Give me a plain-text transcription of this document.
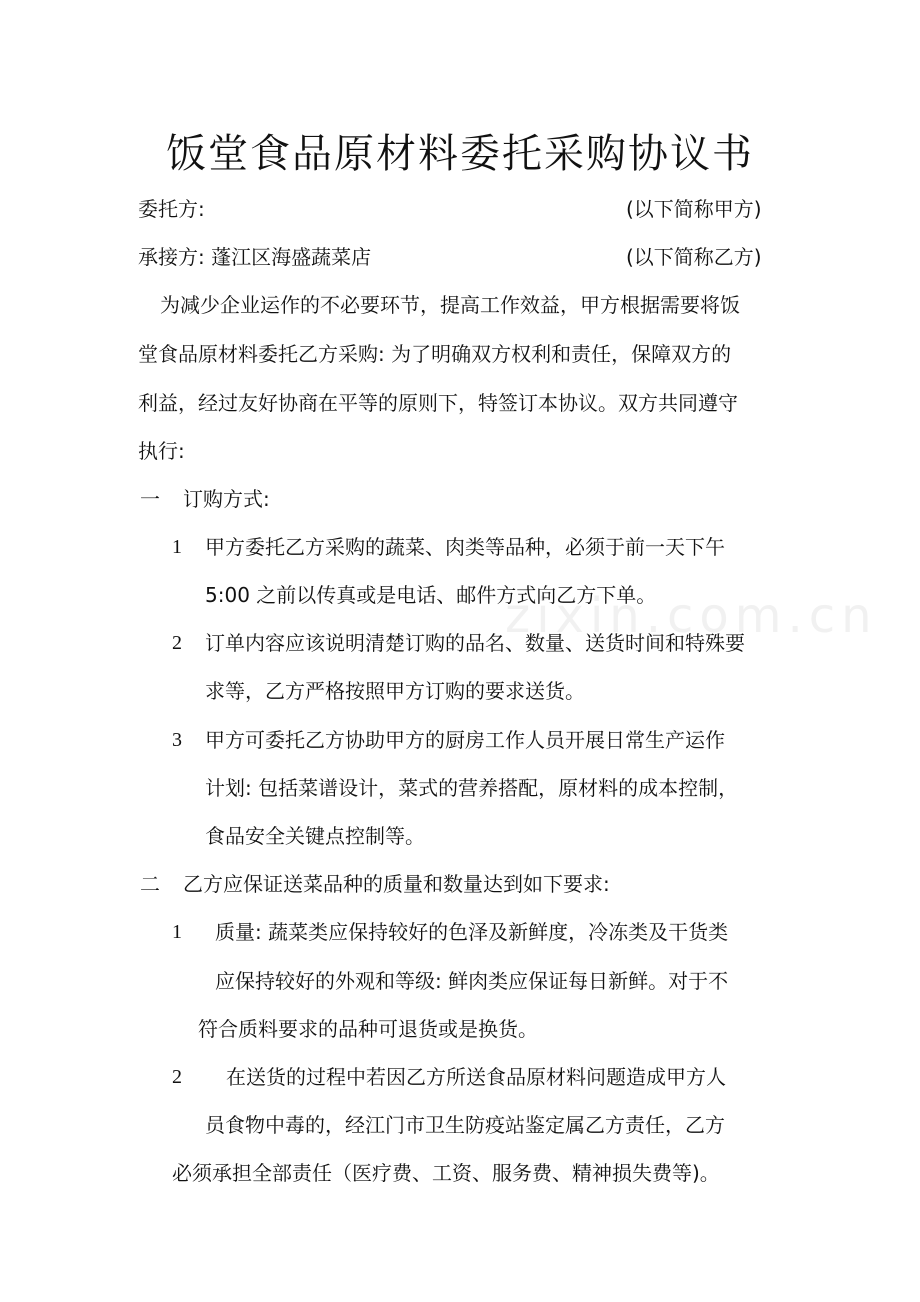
zixin.com.cn
饭堂食品原材料委托采购协议书
委托方:	(以下简称甲方)
承接方: 蓬江区海盛蔬菜店	(以下简称乙方)
为减少企业运作的不必要环节，提高工作效益，甲方根据需要将饭
堂食品原材料委托乙方采购: 为了明确双方权利和责任，保障双方的
利益，经过友好协商在平等的原则下，特签订本协议。双方共同遵守
执行:
一 订购方式:
1 甲方委托乙方采购的蔬菜、肉类等品种，必须于前一天下午
5:00 之前以传真或是电话、邮件方式向乙方下单。
2 订单内容应该说明清楚订购的品名、数量、送货时间和特殊要
求等，乙方严格按照甲方订购的要求送货。
3 甲方可委托乙方协助甲方的厨房工作人员开展日常生产运作
计划: 包括菜谱设计，菜式的营养搭配，原材料的成本控制，
食品安全关键点控制等。
二 乙方应保证送菜品种的质量和数量达到如下要求:
1 质量: 蔬菜类应保持较好的色泽及新鲜度，冷冻类及干货类
应保持较好的外观和等级: 鲜肉类应保证每日新鲜。对于不
符合质料要求的品种可退货或是换货。
2 在送货的过程中若因乙方所送食品原材料问题造成甲方人
员食物中毒的，经江门市卫生防疫站鉴定属乙方责任，乙方
必须承担全部责任（医疗费、工资、服务费、精神损失费等)。
